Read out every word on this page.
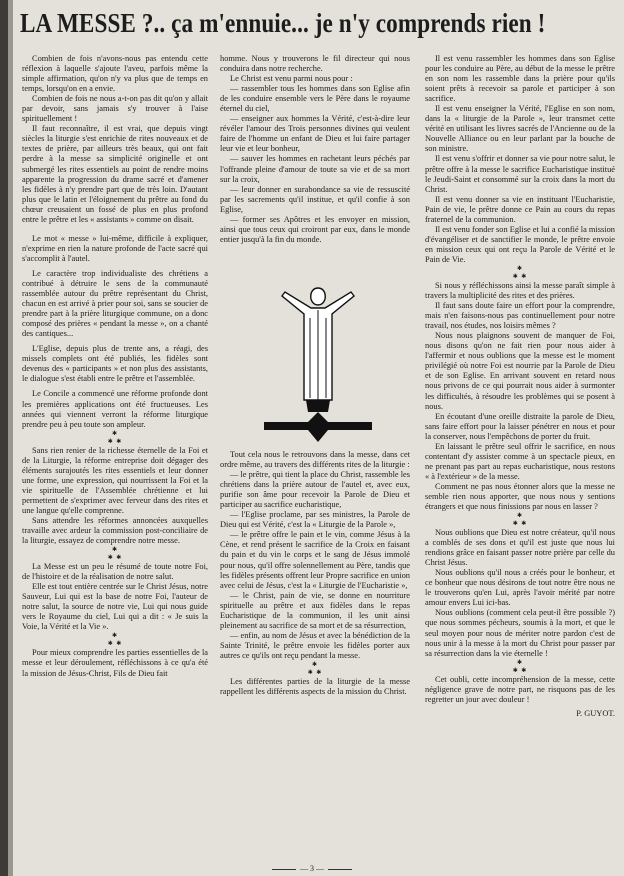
LA MESSE ?.. ça m'ennuie... je n'y comprends rien !

Combien de fois n'avons-nous pas entendu cette réflexion à laquelle s'ajoute l'aveu, parfois même la simple affirmation, qu'on n'y va plus que de temps en temps, lorsqu'on en a envie.

Combien de fois ne nous a-t-on pas dit qu'on y allait par devoir, sans jamais s'y trouver à l'aise spirituellement !

Il faut reconnaître, il est vrai, que depuis vingt siècles la liturgie s'est enrichie de rites nouveaux et de textes de prière, par ailleurs très beaux, qui ont fait perdre à la messe sa simplicité originelle et ont submergé les rites essentiels au point de rendre moins apparente la progression du drame sacré et d'amener les fidèles à n'y prendre part que de très loin. D'autant plus que le latin et l'éloignement du prêtre au fond du chœur creusaient un fossé de plus en plus profond entre le prêtre et les « assistants » comme on disait.

Le mot « messe » lui-même, difficile à expliquer, n'exprime en rien la nature profonde de l'acte sacré qui s'accomplit à l'autel.

Le caractère trop individualiste des chrétiens a contribué à détruire le sens de la communauté rassemblée autour du prêtre représentant du Christ, chacun en est arrivé à prier pour soi, sans se soucier de prendre part à la prière liturgique commune, on a donc composé des prières « pendant la messe », on a chanté des cantiques...

L'Eglise, depuis plus de trente ans, a réagi, des missels complets ont été publiés, les fidèles sont devenus des « participants » et non plus des assistants, le dialogue s'est établi entre le prêtre et l'assemblée.

Le Concile a commencé une réforme profonde dont les premières applications ont été fructueuses. Les années qui viennent verront la réforme liturgique prendre peu à peu toute son ampleur.

✱
✱ ✱

Sans rien renier de la richesse éternelle de la Foi et de la Liturgie, la réforme entreprise doit dégager des éléments surajoutés les rites essentiels et leur donner une forme, une expression, qui nourrissent la Foi et la vie spirituelle de l'Assemblée chrétienne et lui permettent de s'exprimer avec ferveur dans des rites et une langue qu'elle comprenne.

Sans attendre les réformes annoncées auxquelles travaille avec ardeur la commission post-conciliaire de la liturgie, essayez de comprendre notre messe.

✱
✱ ✱

La Messe est un peu le résumé de toute notre Foi, de l'histoire et de la réalisation de notre salut.

Elle est tout entière centrée sur le Christ Jésus, notre Sauveur, Lui qui est la base de notre Foi, l'auteur de notre salut, la source de notre vie, Lui qui nous guide vers le Royaume du ciel, Lui qui a dit : « Je suis la Voie, la Vérité et la Vie ».

✱
✱ ✱

Pour mieux comprendre les parties essentielles de la messe et leur déroulement, réfléchissons à ce qu'a été la mission de Jésus-Christ, Fils de Dieu fait

homme. Nous y trouverons le fil directeur qui nous conduira dans notre recherche.

Le Christ est venu parmi nous pour :

— rassembler tous les hommes dans son Eglise afin de les conduire ensemble vers le Père dans le royaume éternel du ciel,

— enseigner aux hommes la Vérité, c'est-à-dire leur révéler l'amour des Trois personnes divines qui veulent faire de l'homme un enfant de Dieu et lui faire partager leur vie et leur bonheur,

— sauver les hommes en rachetant leurs péchés par l'offrande pleine d'amour de toute sa vie et de sa mort sur la croix,

— leur donner en surabondance sa vie de ressuscité par les sacrements qu'il institue, et qu'il confie à son Eglise,

— former ses Apôtres et les envoyer en mission, ainsi que tous ceux qui croiront par eux, dans le monde entier jusqu'à la fin du monde.

Tout cela nous le retrouvons dans la messe, dans cet ordre même, au travers des différents rites de la liturgie :

— le prêtre, qui tient la place du Christ, rassemble les chrétiens dans la prière autour de l'autel et, avec eux, purifie son âme pour recevoir la Parole de Dieu et participer au sacrifice eucharistique,

— l'Eglise proclame, par ses ministres, la Parole de Dieu qui est Vérité, c'est la « Liturgie de la Parole »,

— le prêtre offre le pain et le vin, comme Jésus à la Cène, et rend présent le sacrifice de la Croix en faisant du pain et du vin le corps et le sang de Jésus immolé pour nous, qu'il offre solennellement au Père, tandis que les fidèles présents offrent leur Propre sacrifice en union avec celui de Jésus, c'est la « Liturgie de l'Eucharistie »,

— le Christ, pain de vie, se donne en nourriture spirituelle au prêtre et aux fidèles dans le repas Eucharistique de la communion, il les unit ainsi pleinement au sacrifice de sa mort et de sa résurrection,

— enfin, au nom de Jésus et avec la bénédiction de la Sainte Trinité, le prêtre envoie les fidèles porter aux autres ce qu'ils ont reçu pendant la messe.

✱
✱ ✱

Les différentes parties de la liturgie de la messe rappellent les différents aspects de la mission du Christ.

Il est venu rassembler les hommes dans son Eglise pour les conduire au Père, au début de la messe le prêtre en son nom les rassemble dans la prière pour qu'ils soient prêts à recevoir sa parole et participer à son sacrifice.

Il est venu enseigner la Vérité, l'Eglise en son nom, dans la « liturgie de la Parole », leur transmet cette vérité en utilisant les livres sacrés de l'Ancienne ou de la Nouvelle Alliance ou en leur parlant par la bouche de son ministre.

Il est venu s'offrir et donner sa vie pour notre salut, le prêtre offre à la messe le sacrifice Eucharistique institué le Jeudi-Saint et consommé sur la croix dans la mort du Christ.

Il est venu donner sa vie en instituant l'Eucharistie, Pain de vie, le prêtre donne ce Pain au cours du repas fraternel de la communion.

Il est venu fonder son Eglise et lui a confié la mission d'évangéliser et de sanctifier le monde, le prêtre envoie en mission ceux qui ont reçu la Parole de Vérité et le Pain de Vie.

✱
✱ ✱

Si nous y réfléchissons ainsi la messe paraît simple à travers la multiplicité des rites et des prières.

Il faut sans doute faire un effort pour la comprendre, mais n'en faisons-nous pas continuellement pour notre travail, nos études, nos loisirs mêmes ?

Nous nous plaignons souvent de manquer de Foi, nous disons qu'on ne fait rien pour nous aider à l'affermir et nous oublions que la messe est le moment privilégié où notre Foi est nourrie par la Parole de Dieu et de son Eglise. En arrivant souvent en retard nous nous privons de ce qui pourrait nous aider à surmonter les difficultés, à résoudre les problèmes qui se posent à nous.

En écoutant d'une oreille distraite la parole de Dieu, sans faire effort pour la laisser pénétrer en nous et pour la conserver, nous l'empêchons de porter du fruit.

En laissant le prêtre seul offrir le sacrifice, en nous contentant d'y assister comme à un spectacle pieux, en ne prenant pas part au repas eucharistique, nous restons « à l'extérieur » de la messe.

Comment ne pas nous étonner alors que la messe ne semble rien nous apporter, que nous nous y sentions étrangers et que nous finissions par nous en lasser ?

✱
✱ ✱

Nous oublions que Dieu est notre créateur, qu'il nous a comblés de ses dons et qu'il est juste que nous lui rendions grâce en faisant passer notre prière par celle du Christ Jésus.

Nous oublions qu'il nous a créés pour le bonheur, et ce bonheur que nous désirons de tout notre être nous ne le trouverons qu'en Lui, après l'avoir mérité par notre amour envers Lui ici-bas.

Nous oublions (comment cela peut-il être possible ?) que nous sommes pécheurs, soumis à la mort, et que le seul moyen pour nous de mériter notre pardon c'est de nous unir à la messe à la mort du Christ pour passer par sa résurrection dans la vie éternelle !

✱
✱ ✱

Cet oubli, cette incompréhension de la messe, cette négligence grave de notre part, ne risquons pas de les regretter un jour avec douleur !

P. GUYOT.
— 3 —
